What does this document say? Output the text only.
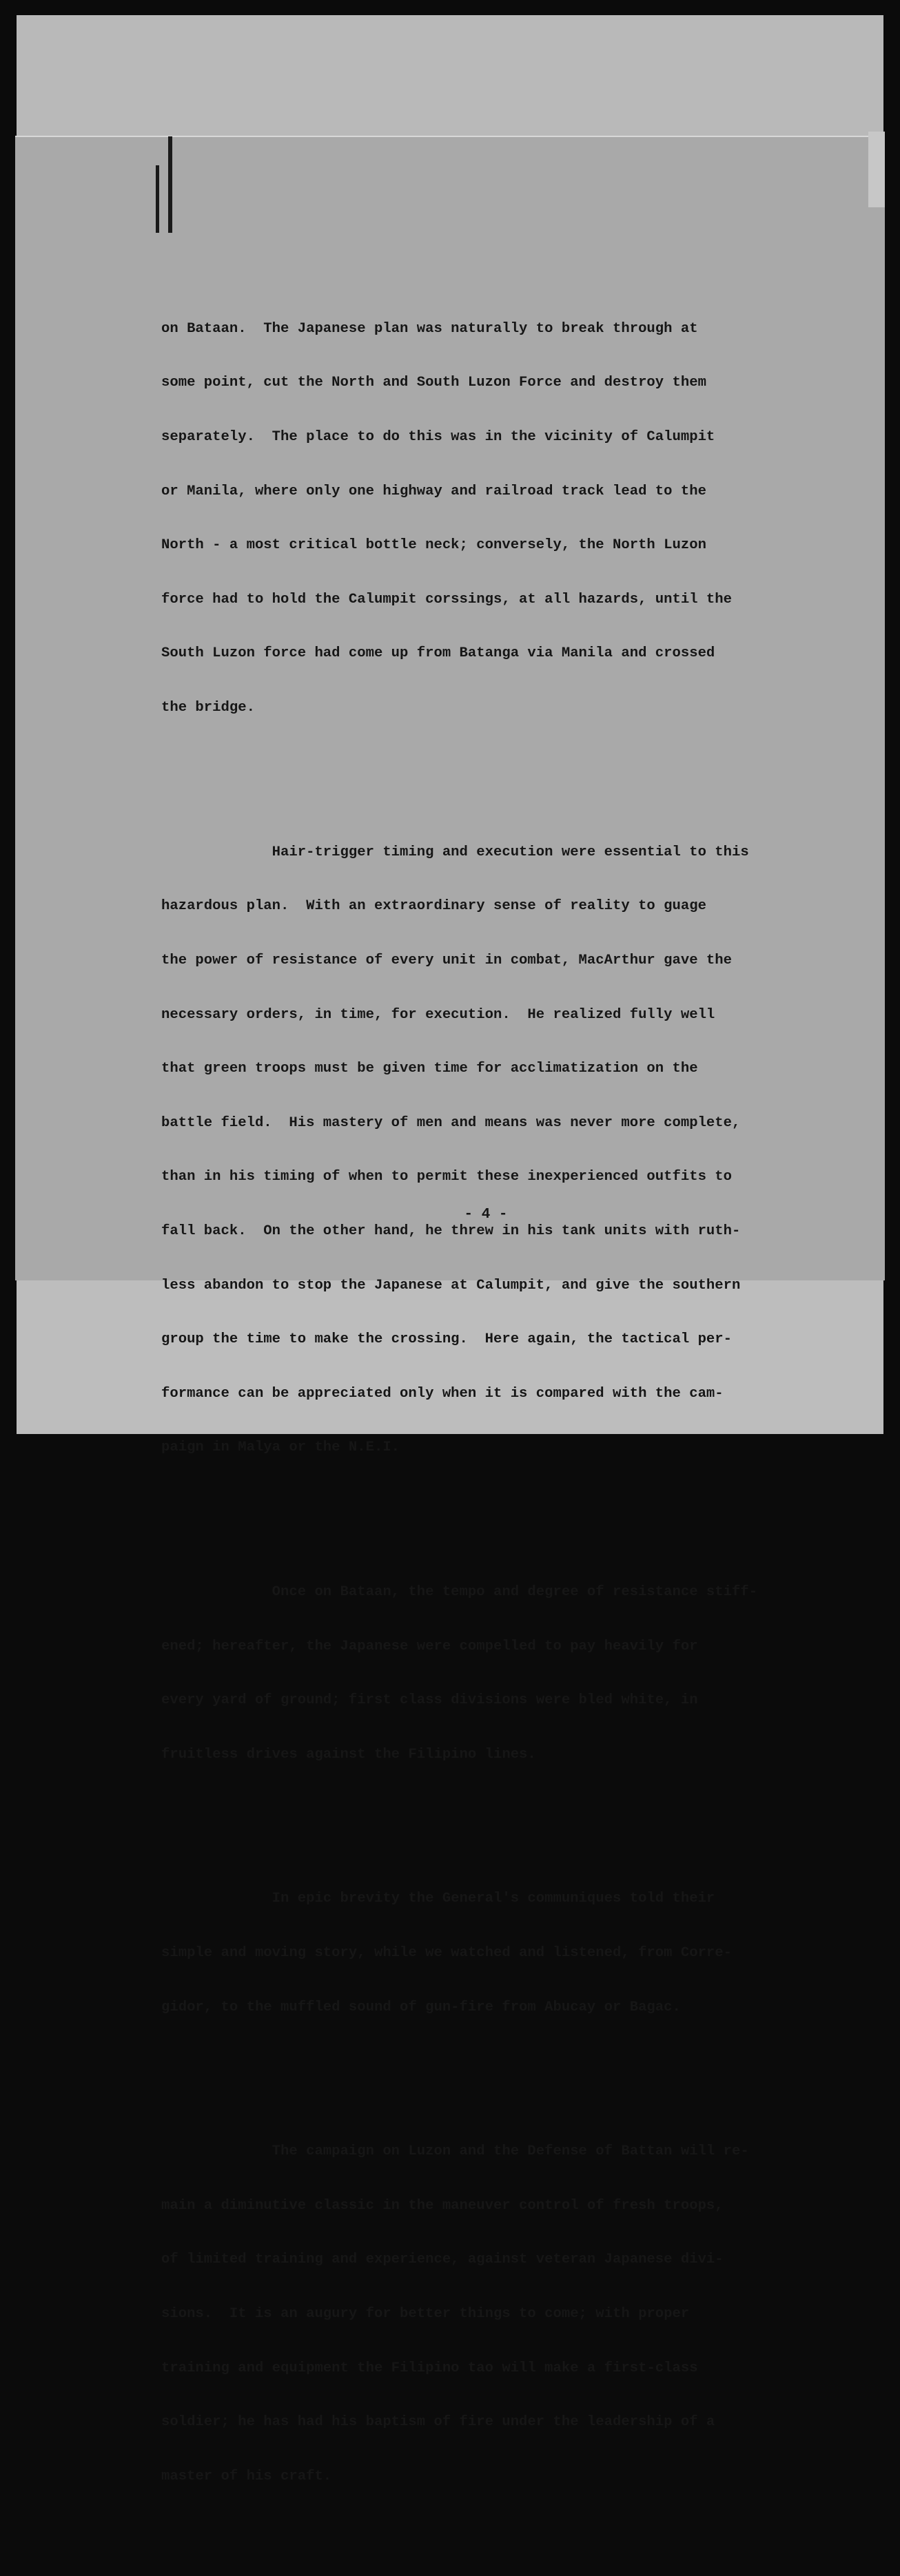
on Bataan.  The Japanese plan was naturally to break through at

some point, cut the North and South Luzon Force and destroy them

separately.  The place to do this was in the vicinity of Calumpit

or Manila, where only one highway and railroad track lead to the

North - a most critical bottle neck; conversely, the North Luzon

force had to hold the Calumpit corssings, at all hazards, until the

South Luzon force had come up from Batanga via Manila and crossed

the bridge.

Hair-trigger timing and execution were essential to this

hazardous plan.  With an extraordinary sense of reality to guage

the power of resistance of every unit in combat, MacArthur gave the

necessary orders, in time, for execution.  He realized fully well

that green troops must be given time for acclimatization on the

battle field.  His mastery of men and means was never more complete,

than in his timing of when to permit these inexperienced outfits to

fall back.  On the other hand, he threw in his tank units with ruth-

less abandon to stop the Japanese at Calumpit, and give the southern

group the time to make the crossing.  Here again, the tactical per-

formance can be appreciated only when it is compared with the cam-

paign in Malya or the N.E.I.

Once on Bataan, the tempo and degree of resistance stiff-

ened; hereafter, the Japanese were compelled to pay heavily for

every yard of ground; first class divisions were bled white, in

fruitless drives against the Filipino lines.

In epic brevity the General's communiques told their

simple and moving story, while we watched and listened, from Corre-

gidor, to the muffled sound of gun-fire from Abucay or Bagac.

The campaign on Luzon and the Defense of Battan will re-

main a diminutive classic in the maneuver control of fresh troops,

of limited training and experience, against veteran Japanese divi-

sions.  It is an augury for better things to come; with proper

training and equipment the Filipino tao will make a first-class

soldier; he has had his baptism of fire under the leadership of a

master of his craft.

- 4 -
